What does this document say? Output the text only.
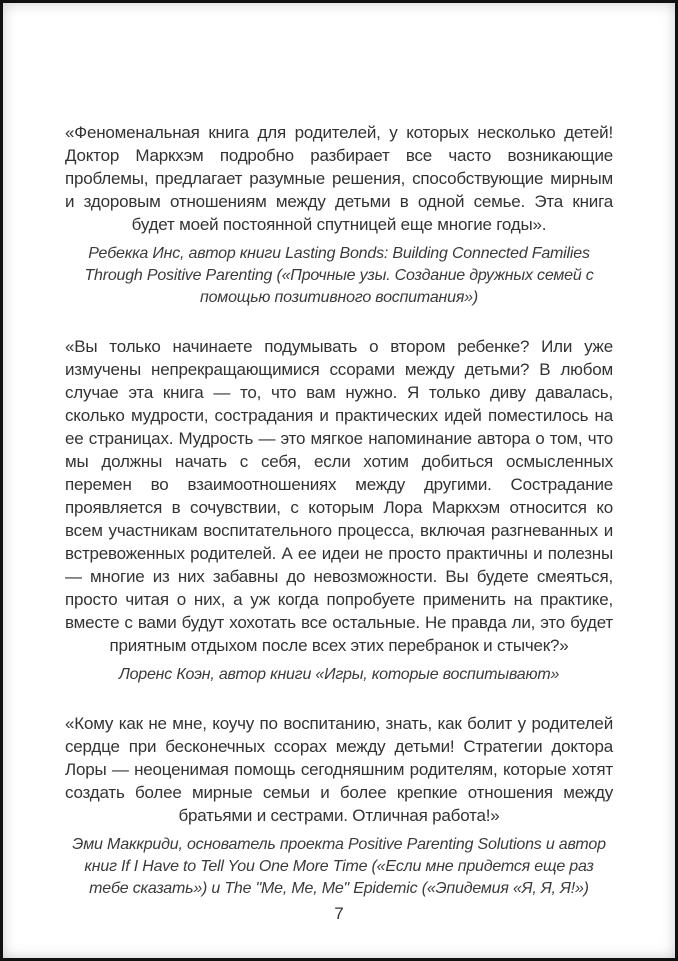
«Феноменальная книга для родителей, у которых несколько детей! Доктор Маркхэм подробно разбирает все часто возникающие проблемы, предлагает разумные решения, способствующие мирным и здоровым отношениям между детьми в одной семье. Эта книга будет моей постоянной спутницей еще многие годы».

Ребекка Инс, автор книги Lasting Bonds: Building Connected Families Through Positive Parenting («Прочные узы. Создание дружных семей с помощью позитивного воспитания»)

«Вы только начинаете подумывать о втором ребенке? Или уже измучены непрекращающимися ссорами между детьми? В любом случае эта книга — то, что вам нужно. Я только диву давалась, сколько мудрости, сострадания и практических идей поместилось на ее страницах. Мудрость — это мягкое напоминание автора о том, что мы должны начать с себя, если хотим добиться осмысленных перемен во взаимоотношениях между другими. Сострадание проявляется в сочувствии, с которым Лора Маркхэм относится ко всем участникам воспитательного процесса, включая разгневанных и встревоженных родителей. А ее идеи не просто практичны и полезны — многие из них забавны до невозможности. Вы будете смеяться, просто читая о них, а уж когда попробуете применить на практике, вместе с вами будут хохотать все остальные. Не правда ли, это будет приятным отдыхом после всех этих перебранок и стычек?»

Лоренс Коэн, автор книги «Игры, которые воспитывают»

«Кому как не мне, коучу по воспитанию, знать, как болит у родителей сердце при бесконечных ссорах между детьми! Стратегии доктора Лоры — неоценимая помощь сегодняшним родителям, которые хотят создать более мирные семьи и более крепкие отношения между братьями и сестрами. Отличная работа!»

Эми Маккриди, основатель проекта Positive Parenting Solutions и автор книг If I Have to Tell You One More Time («Если мне придется еще раз тебе сказать») и The "Me, Me, Me" Epidemic («Эпидемия «Я, Я, Я!»)

7
